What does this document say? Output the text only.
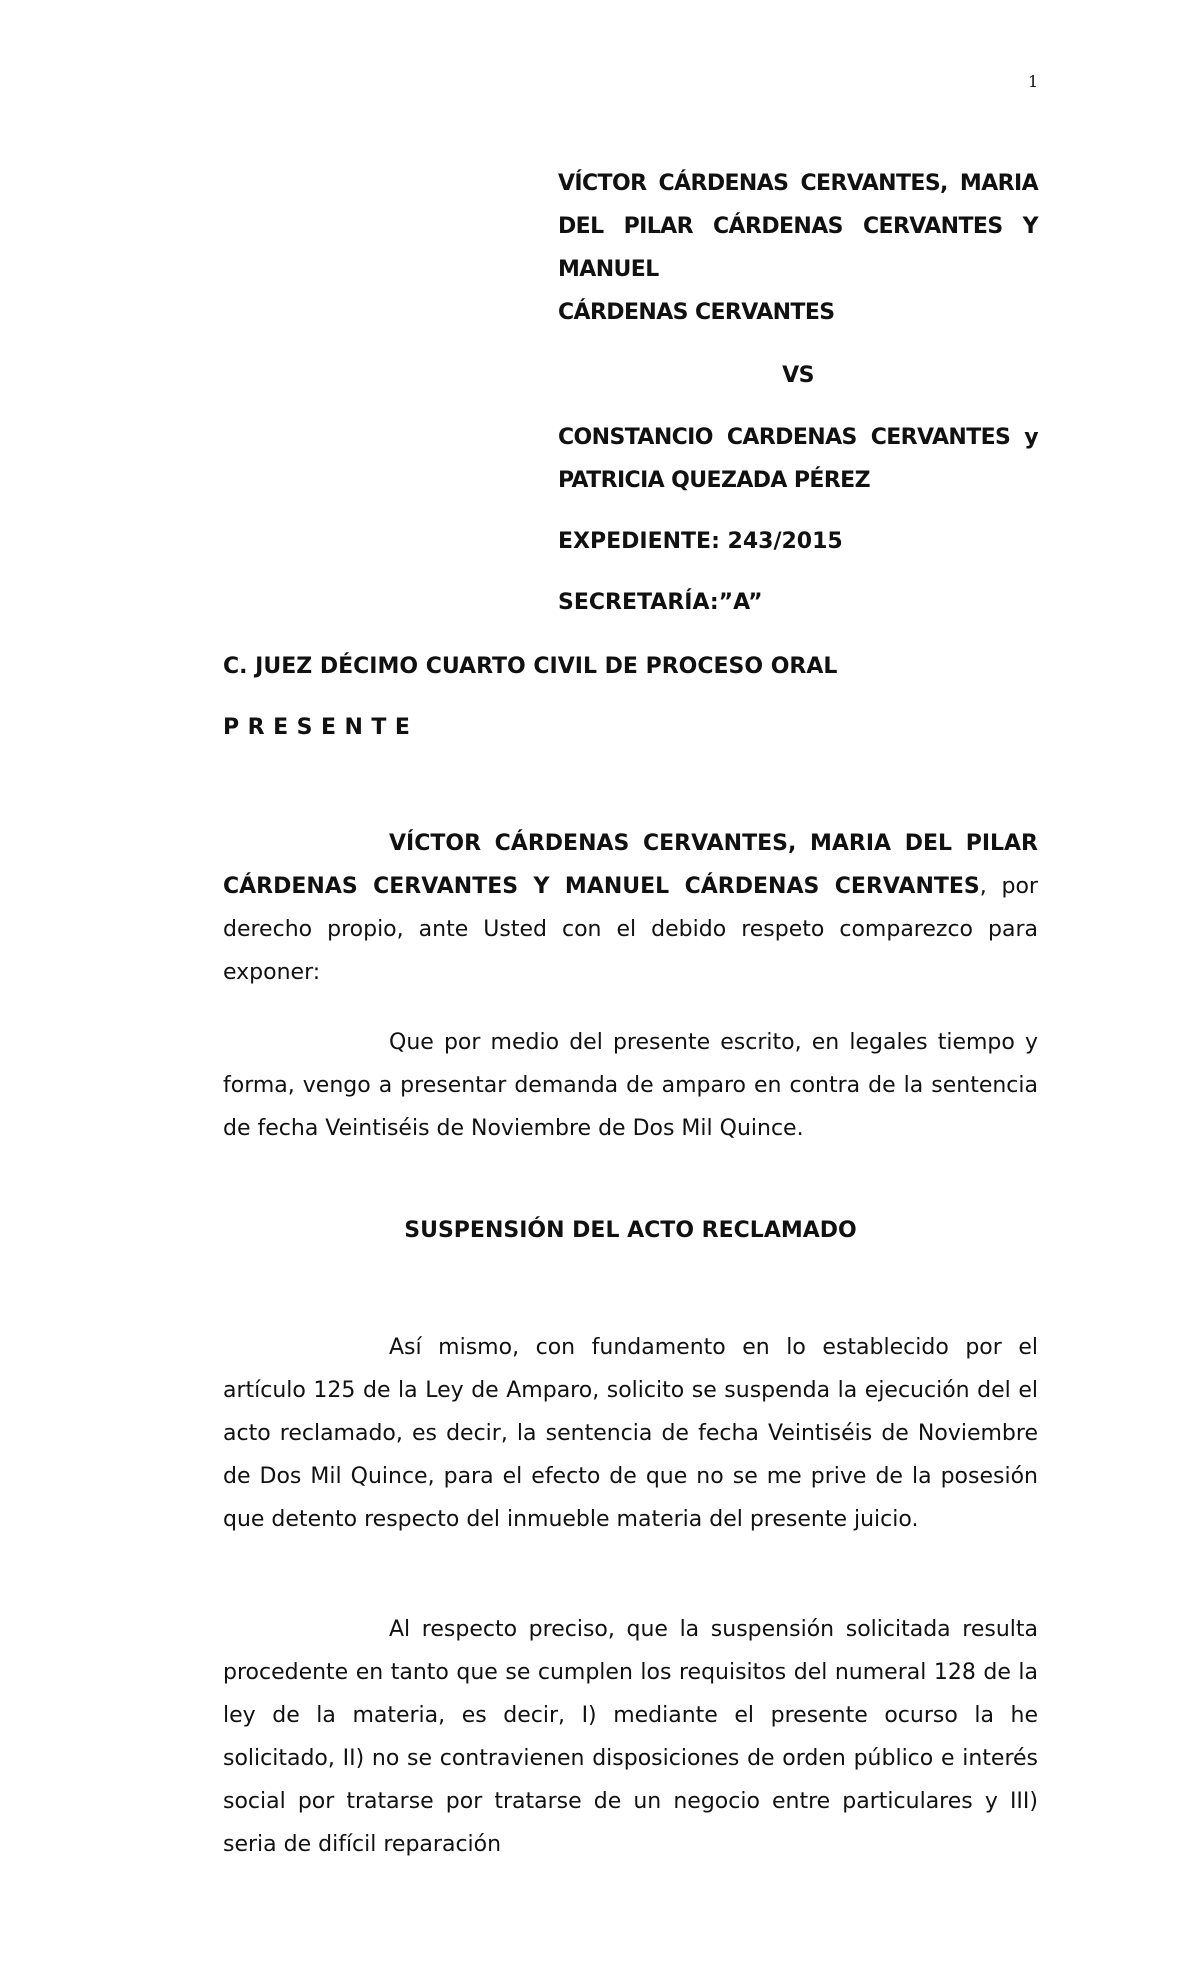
1
VÍCTOR CÁRDENAS CERVANTES, MARIA DEL PILAR CÁRDENAS CERVANTES Y MANUEL
CÁRDENAS CERVANTES
VS
CONSTANCIO CARDENAS CERVANTES y
PATRICIA QUEZADA PÉREZ
EXPEDIENTE: 243/2015
SECRETARÍA:”A”
C. JUEZ DÉCIMO CUARTO CIVIL DE PROCESO ORAL
PRESENTE
VÍCTOR CÁRDENAS CERVANTES, MARIA DEL PILAR CÁRDENAS CERVANTES Y MANUEL CÁRDENAS CERVANTES, por derecho propio, ante Usted con el debido respeto comparezco para exponer:
Que por medio del presente escrito, en legales tiempo y forma, vengo a presentar demanda de amparo en contra de la sentencia de fecha Veintiséis de Noviembre de Dos Mil Quince.
SUSPENSIÓN DEL ACTO RECLAMADO
Así mismo, con fundamento en lo establecido por el artículo 125 de la Ley de Amparo, solicito se suspenda la ejecución del el acto reclamado, es decir, la sentencia de fecha Veintiséis de Noviembre de Dos Mil Quince, para el efecto de que no se me prive de la posesión que detento respecto del inmueble materia del presente juicio.
Al respecto preciso, que la suspensión solicitada resulta procedente en tanto que se cumplen los requisitos del numeral 128 de la ley de la materia, es decir, I) mediante el presente ocurso la he solicitado, II) no se contravienen disposiciones de orden público e interés social por tratarse por tratarse de un negocio entre particulares y III) seria de difícil reparación
